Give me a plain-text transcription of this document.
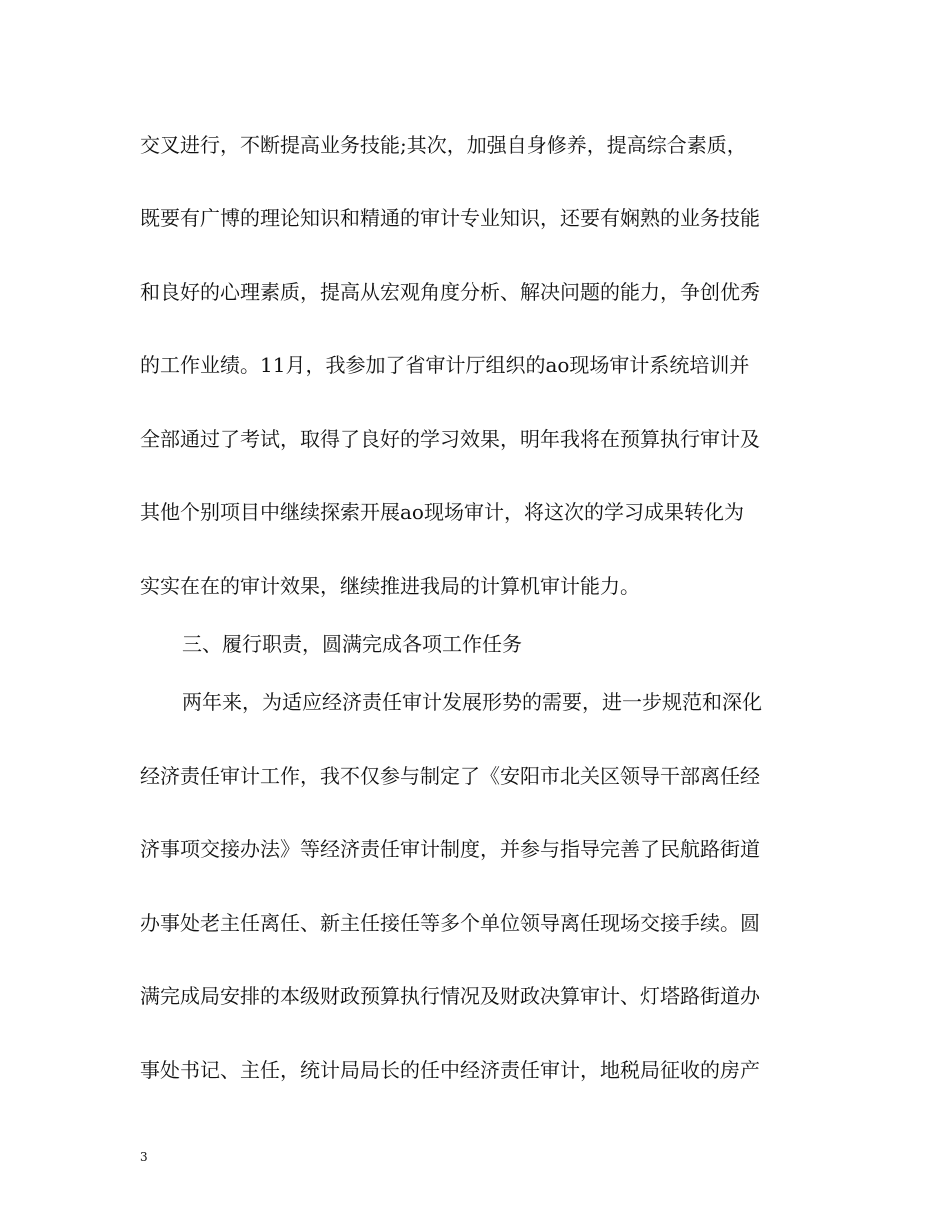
交叉进行，不断提高业务技能;其次，加强自身修养，提高综合素质，
既要有广博的理论知识和精通的审计专业知识，还要有娴熟的业务技能
和良好的心理素质，提高从宏观角度分析、解决问题的能力，争创优秀
的工作业绩。11月，我参加了省审计厅组织的ao现场审计系统培训并
全部通过了考试，取得了良好的学习效果，明年我将在预算执行审计及
其他个别项目中继续探索开展ao现场审计，将这次的学习成果转化为
实实在在的审计效果，继续推进我局的计算机审计能力。
三、履行职责，圆满完成各项工作任务
两年来，为适应经济责任审计发展形势的需要，进一步规范和深化
经济责任审计工作，我不仅参与制定了《安阳市北关区领导干部离任经
济事项交接办法》等经济责任审计制度，并参与指导完善了民航路街道
办事处老主任离任、新主任接任等多个单位领导离任现场交接手续。圆
满完成局安排的本级财政预算执行情况及财政决算审计、灯塔路街道办
事处书记、主任，统计局局长的任中经济责任审计，地税局征收的房产
3
